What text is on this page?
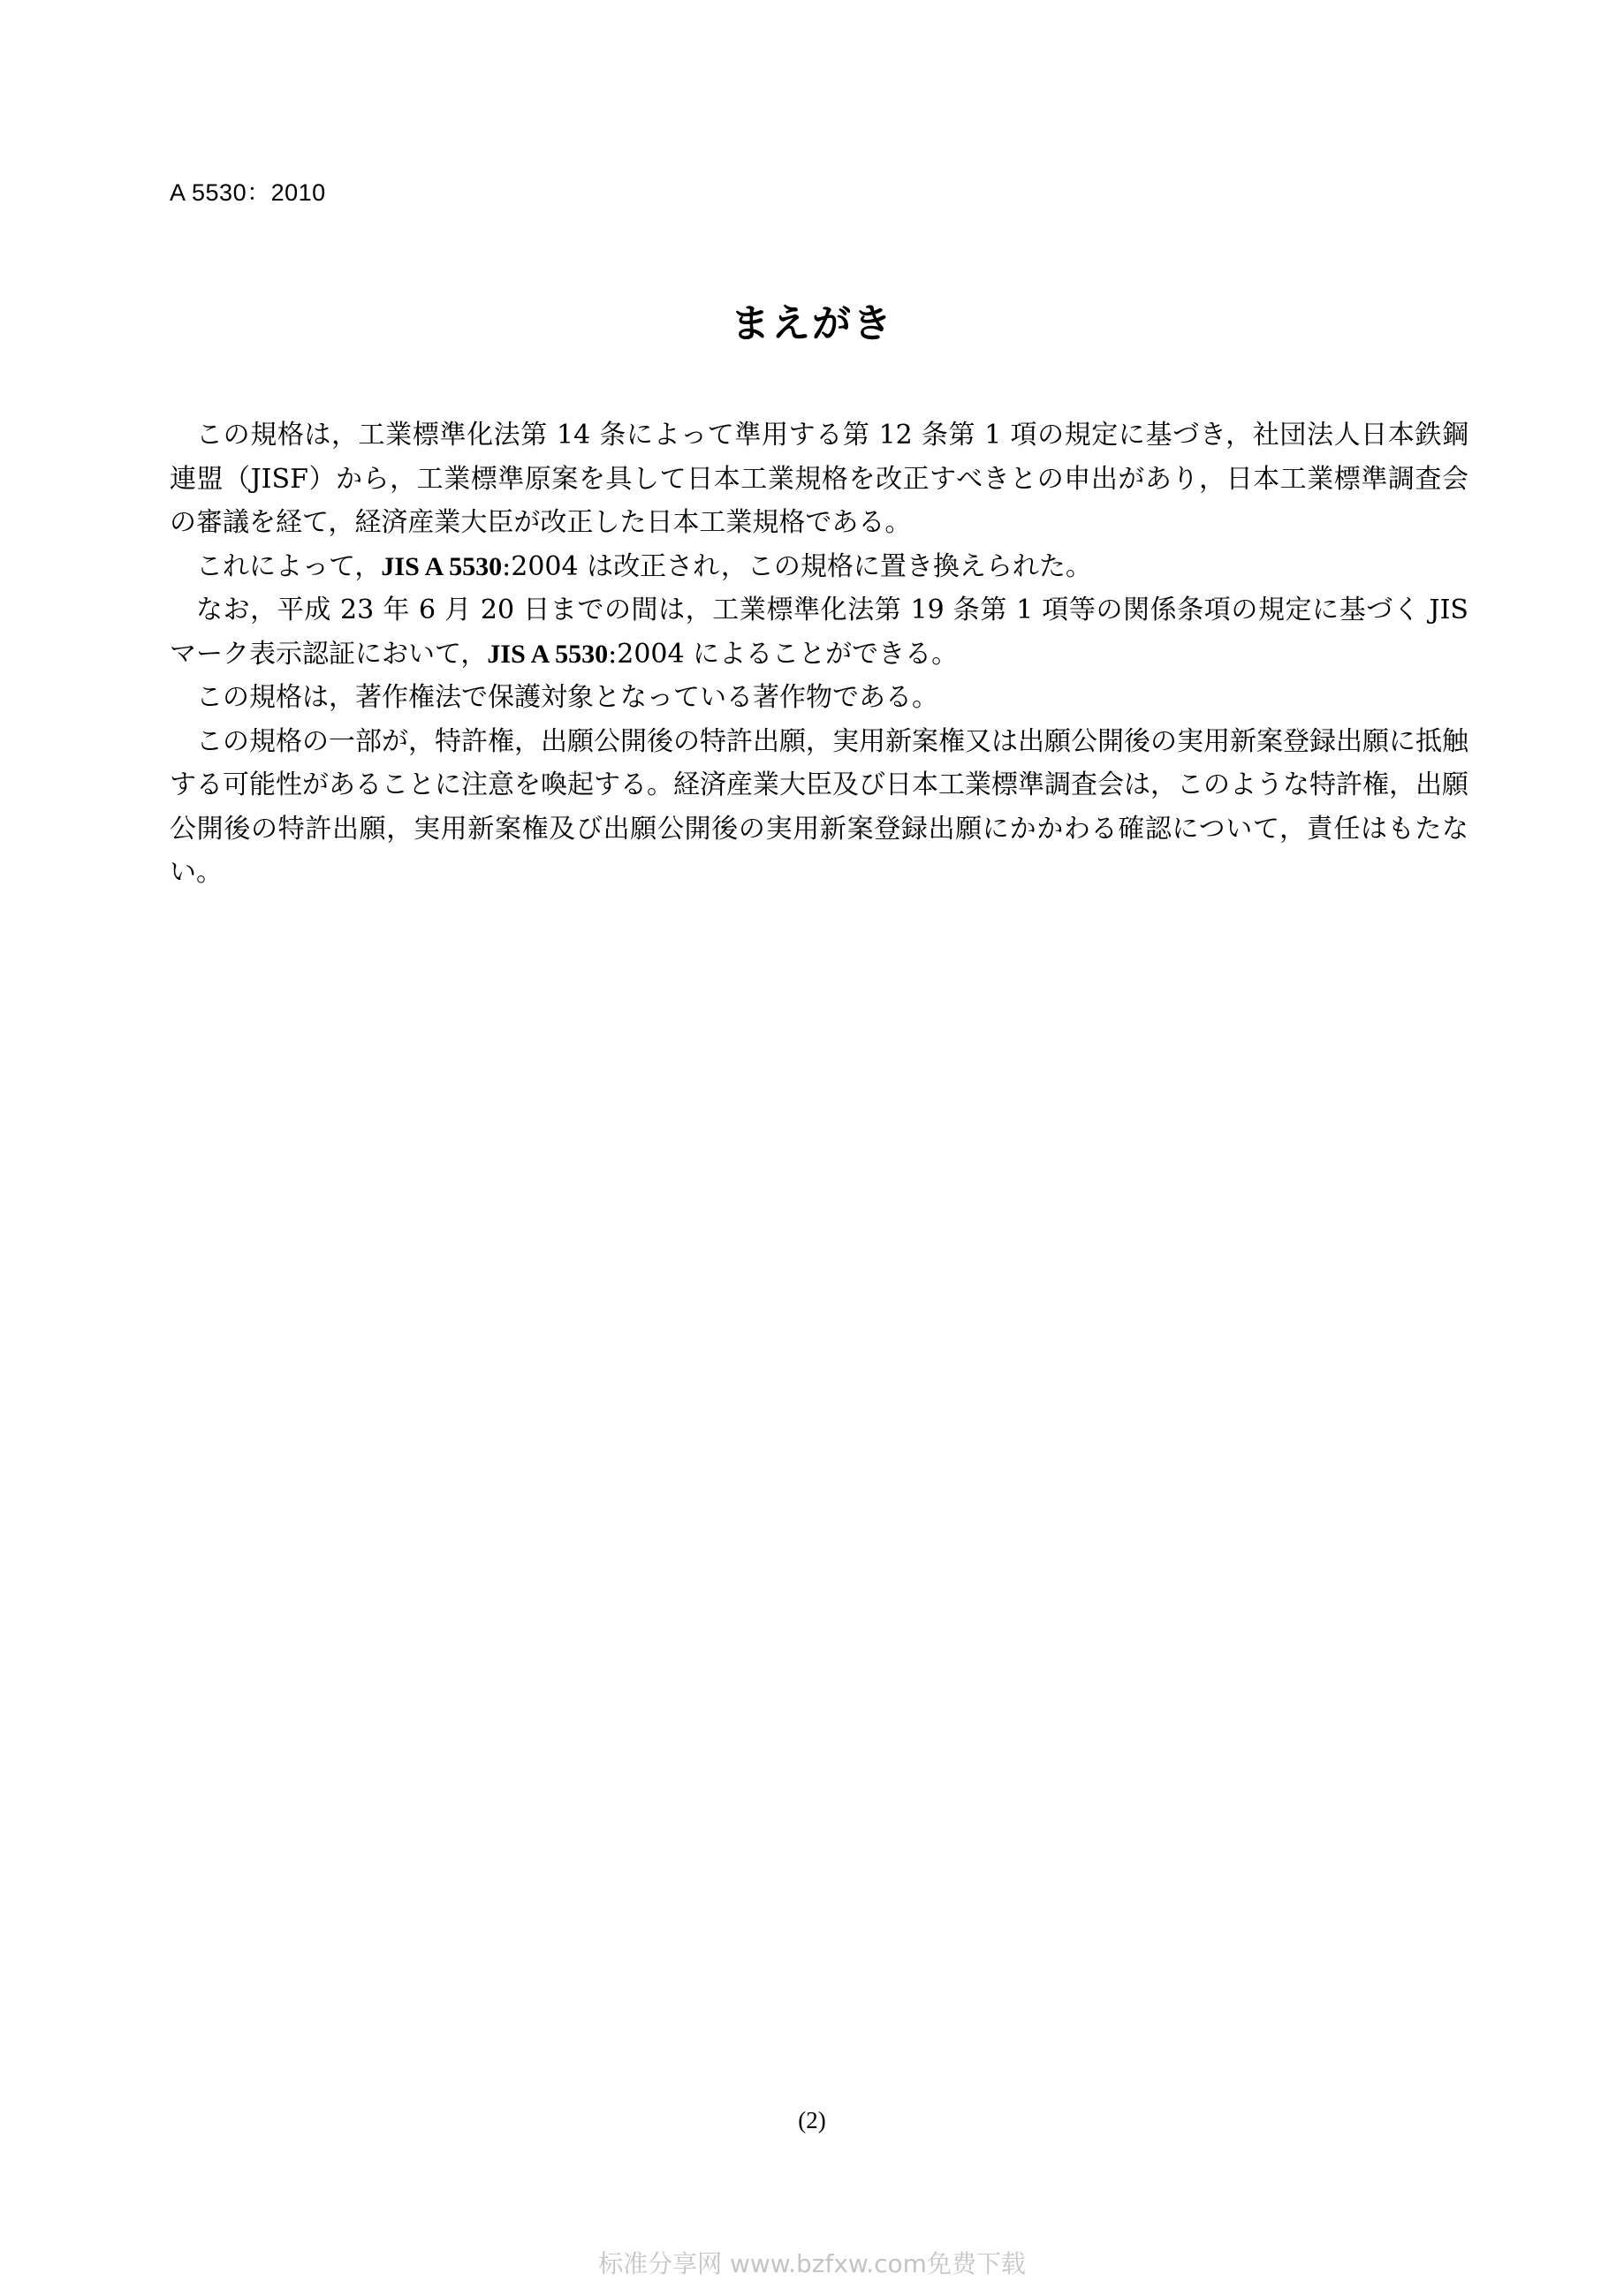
A 5530：2010
まえがき

この規格は，工業標準化法第 14 条によって準用する第 12 条第 1 項の規定に基づき，社団法人日本鉄鋼連盟（JISF）から，工業標準原案を具して日本工業規格を改正すべきとの申出があり，日本工業標準調査会の審議を経て，経済産業大臣が改正した日本工業規格である。

これによって，JIS A 5530:2004 は改正され，この規格に置き換えられた。

なお，平成 23 年 6 月 20 日までの間は，工業標準化法第 19 条第 1 項等の関係条項の規定に基づく JIS マーク表示認証において，JIS A 5530:2004 によることができる。

この規格は，著作権法で保護対象となっている著作物である。

この規格の一部が，特許権，出願公開後の特許出願，実用新案権又は出願公開後の実用新案登録出願に抵触する可能性があることに注意を喚起する。経済産業大臣及び日本工業標準調査会は，このような特許権，出願公開後の特許出願，実用新案権及び出願公開後の実用新案登録出願にかかわる確認について，責任はもたない。

(2)
标准分享网 www.bzfxw.com免费下载
